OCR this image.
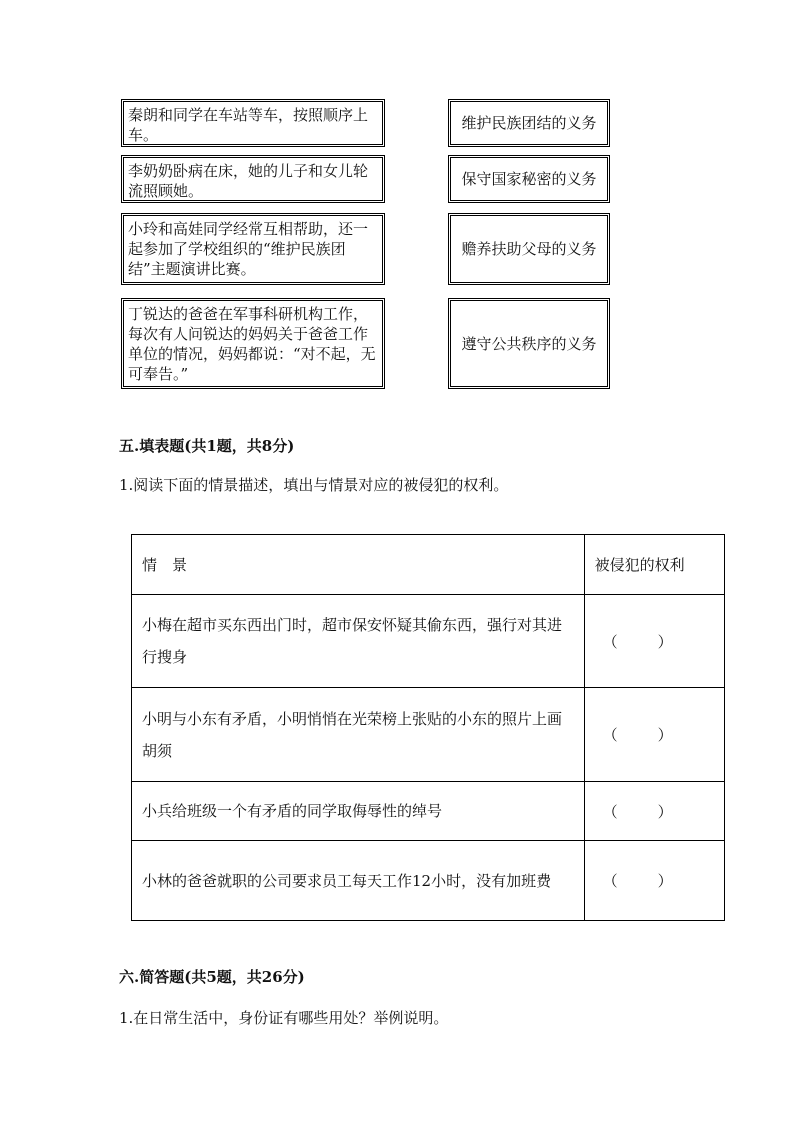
秦朗和同学在车站等车，按照顺序上车。
李奶奶卧病在床，她的儿子和女儿轮流照顾她。
小玲和高娃同学经常互相帮助，还一起参加了学校组织的“维护民族团结”主题演讲比赛。
丁锐达的爸爸在军事科研机构工作，每次有人问锐达的妈妈关于爸爸工作单位的情况，妈妈都说：“对不起，无可奉告。”
维护民族团结的义务
保守国家秘密的义务
赡养扶助父母的义务
遵守公共秩序的义务
五.填表题(共1题，共8分)
1.阅读下面的情景描述，填出与情景对应的被侵犯的权利。
情　景	被侵犯的权利
小梅在超市买东西出门时，超市保安怀疑其偷东西，强行对其进行搜身	（ ）

小明与小东有矛盾，小明悄悄在光荣榜上张贴的小东的照片上画胡须	（ ）

小兵给班级一个有矛盾的同学取侮辱性的绰号	（ ）

小林的爸爸就职的公司要求员工每天工作12小时，没有加班费	（ ）
六.简答题(共5题，共26分)
1.在日常生活中，身份证有哪些用处？举例说明。
